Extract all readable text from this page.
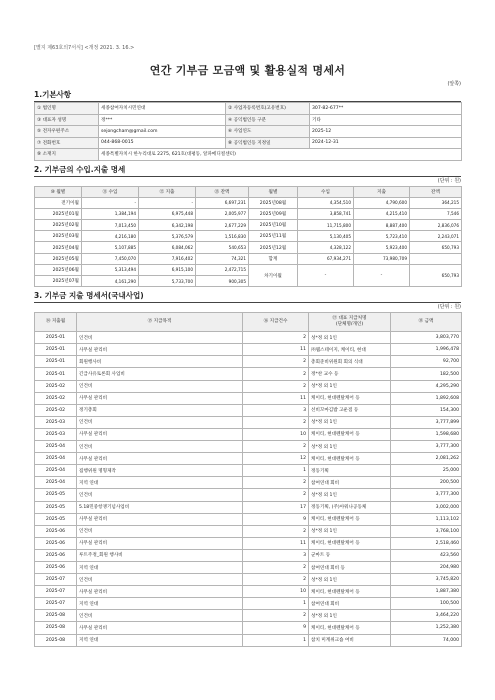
[별지 제63호의7서식] <개정 2021. 3. 16.>
연간 기부금 모금액 및 활용실적 명세서
(앞쪽)
1.기본사항
① 법인명	세종참여자치시민연대	② 사업자등록번호(고유번호)	307-82-677**
③ 대표자 성명	정***	④ 공익법인등 구분	기타
⑤ 전자우편주소	sejongcham@gmail.com	⑥ 사업연도	2025-12
⑦ 전화번호	044-868-0015	⑧ 공익법인등 지정일	2024-12-31
⑨ 소재지	세종특별자치시 한누리대로 2275, 621호(대평동, 알파메디컬센터)		
2. 기부금의 수입.지출 명세
(단위 : 원)
⑩ 월별	⑪ 수입	⑫ 지출	⑬ 잔액	월별	수입	지출	잔액
전기이월	-	-	6,697,231	2025년08월	4,354,510	4,790,600	364,215
2025년01월	1,384,194	6,975,448	2,005,977	2025년09월	3,858,741	4,215,410	7,546
2025년02월	7,013,450	6,342,198	2,677,229	2025년10월	11,715,800	8,887,400	2,836,076
2025년03월	4,216,180	5,376,579	1,516,830	2025년11월	5,130,405	5,723,410	2,243,071
2025년04월	5,107,885	6,084,062	540,653	2025년12월	4,328,122	5,923,400	650,793
2025년05월	7,450,070	7,916,402	74,321	합계	67,934,271	73,980,709	
2025년06월	5,313,494	6,915,100	2,472,715	차기이월	-	-	650,793
2025년07월	4,161,290	5,733,700	900,305				
3. 기부금 지출 명세서(국내사업)
(단위 : 원)
⑭ 지출월	⑮ 지급목적	⑯ 지급건수	⑰ 대표 지급처명
(단체명/개인)	⑱ 금액
2025-01	인건비	2	성*정 외 1인	3,803,770
2025-01	사무실 관리비	11	㈜웹스테이지, 케이티, 현대	1,996,478
2025-01	회원행사비	2	총회준비위원회 회의 식대	92,700
2025-01	긴급사유토론회 사업비	2	정*찬 교수 등	182,500
2025-02	인건비	2	성*정 외 1인	4,295,290
2025-02	사무실 관리비	11	케이티, 현대렌탈케어 등	1,892,608
2025-02	정기총회	3	선비꼬마김밥 고운점 등	154,300
2025-03	인건비	2	성*정 외 1인	3,777,899
2025-03	사무실 관리비	10	케이티, 현대렌탈케어 등	1,598,680
2025-04	인건비	2	성*정 외 1인	3,777,300
2025-04	사무실 관리비	12	케이티, 현대렌탈케어 등	2,081,262
2025-04	집행위원 명형제작	1	정동기획	25,000
2025-04	지역 연대	2	참여연대 회비	200,500
2025-05	인건비	2	성*정 외 1인	3,777,300
2025-05	5.18민중항쟁기념사업비	17	정동기획, (주)아워나공동체	3,002,000
2025-05	사무실 관리비	9	케이티, 현대렌탈케어 등	1,113,102
2025-06	인건비	2	성*정 외 1인	3,768,100
2025-06	사무실 관리비	11	케이티, 현대렌탈케어 등	2,518,460
2025-06	루트주정_회원 행사비	3	군마트 등	423,560
2025-06	지역 연대	2	참여연대 회비 등	204,980
2025-07	인건비	2	성*정 외 1인	3,745,820
2025-07	사무실 관리비	10	케이티, 현대렌탈케어 등	1,887,380
2025-07	지역 연대	1	참여연대 회비	100,500
2025-08	인건비	2	성*정 외 1인	3,464,220
2025-08	사무실 관리비	9	케이티, 현대렌탈케어 등	1,252,380
2025-08	지역 연대	1	참치 미계위크숍 여비	74,000
